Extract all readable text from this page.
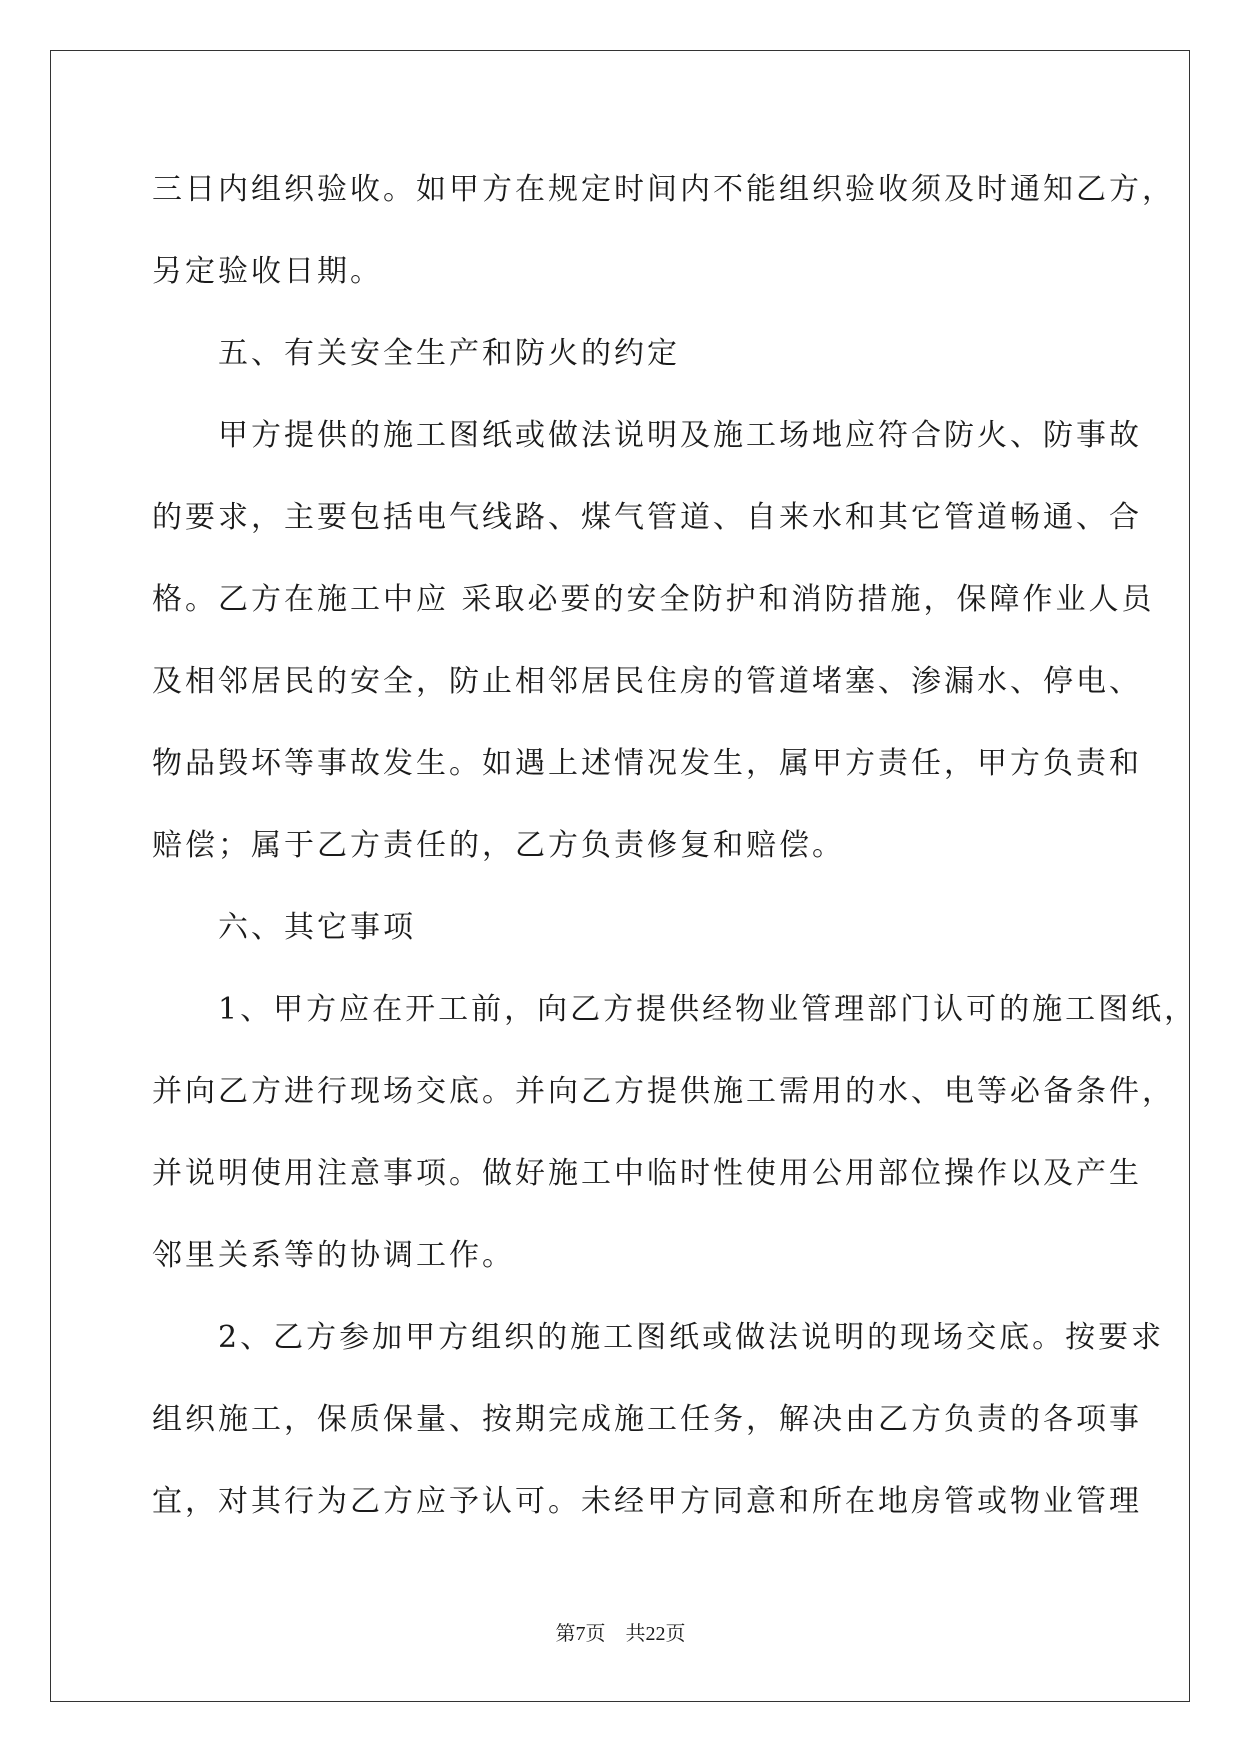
三日内组织验收。如甲方在规定时间内不能组织验收须及时通知乙方，

另定验收日期。

　　五、有关安全生产和防火的约定

　　甲方提供的施工图纸或做法说明及施工场地应符合防火、防事故

的要求，主要包括电气线路、煤气管道、自来水和其它管道畅通、合

格。乙方在施工中应 采取必要的安全防护和消防措施，保障作业人员

及相邻居民的安全，防止相邻居民住房的管道堵塞、渗漏水、停电、

物品毁坏等事故发生。如遇上述情况发生，属甲方责任，甲方负责和

赔偿；属于乙方责任的，乙方负责修复和赔偿。

　　六、其它事项

　　1、甲方应在开工前，向乙方提供经物业管理部门认可的施工图纸，

并向乙方进行现场交底。并向乙方提供施工需用的水、电等必备条件，

并说明使用注意事项。做好施工中临时性使用公用部位操作以及产生

邻里关系等的协调工作。

　　2、乙方参加甲方组织的施工图纸或做法说明的现场交底。按要求

组织施工，保质保量、按期完成施工任务，解决由乙方负责的各项事

宜，对其行为乙方应予认可。未经甲方同意和所在地房管或物业管理

第7页　共22页
